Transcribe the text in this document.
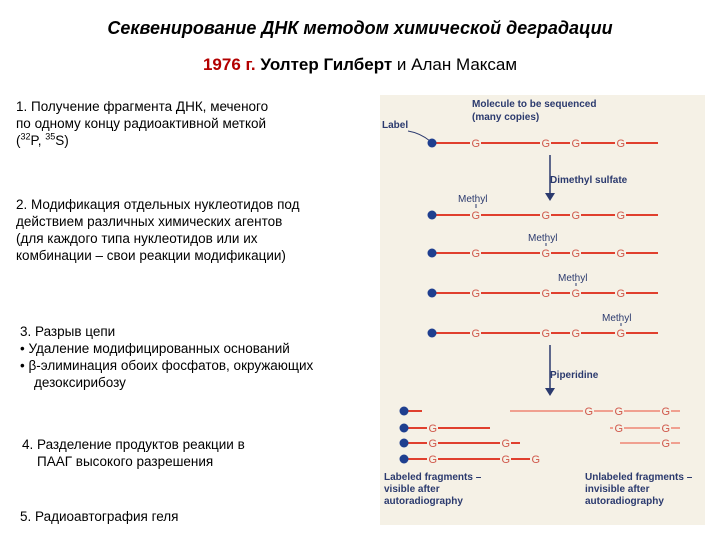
Секвенирование ДНК методом химической деградации
1976 г. Уолтер Гилберт и Алан Максам
1. Получение фрагмента ДНК, меченого
по одному концу радиоактивной меткой
($^{32}$P, $^{35}$S)
2. Модификация отдельных нуклеотидов под
действием различных химических агентов
(для каждого типа нуклеотидов или их
комбинации – свои реакции модификации)
3. Разрыв цепи
• Удаление модифицированных оснований
• β-элиминация обоих фосфатов, окружающих дезоксирибозу
4. Разделение продуктов реакции в
ПААГ высокого разрешения
5. Радиоавтография геля
Molecule to be sequenced
(many copies)
Label
Dimethyl sulfate
Piperidine
Labeled fragments –
visible after
autoradiography
Unlabeled fragments –
invisible after
autoradiography
G	G G	G
G	G G	G
Methyl
G	G G	G
Methyl
G	G G	G
Methyl
G	G G	G
Methyl
G
G	G
G	G G
G G	G
G	G
G
